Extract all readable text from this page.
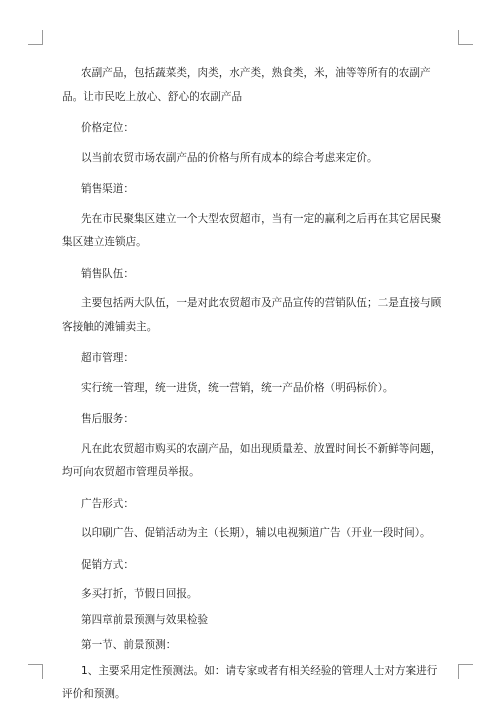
农副产品，包括蔬菜类，肉类，水产类，熟食类，米，油等等所有的农副产品。让市民吃上放心、舒心的农副产品

价格定位：

以当前农贸市场农副产品的价格与所有成本的综合考虑来定价。

销售渠道：

先在市民聚集区建立一个大型农贸超市，当有一定的赢利之后再在其它居民聚集区建立连锁店。

销售队伍：

主要包括两大队伍，一是对此农贸超市及产品宣传的营销队伍；二是直接与顾客接触的滩铺卖主。

超市管理：

实行统一管理，统一进货，统一营销，统一产品价格（明码标价）。

售后服务：

凡在此农贸超市购买的农副产品，如出现质量差、放置时间长不新鲜等问题，均可向农贸超市管理员举报。

广告形式：

以印刷广告、促销活动为主（长期），辅以电视频道广告（开业一段时间）。

促销方式：

多买打折，节假日回报。

第四章前景预测与效果检验

第一节、前景预测：

1、主要采用定性预测法。如：请专家或者有相关经验的管理人士对方案进行评价和预测。
